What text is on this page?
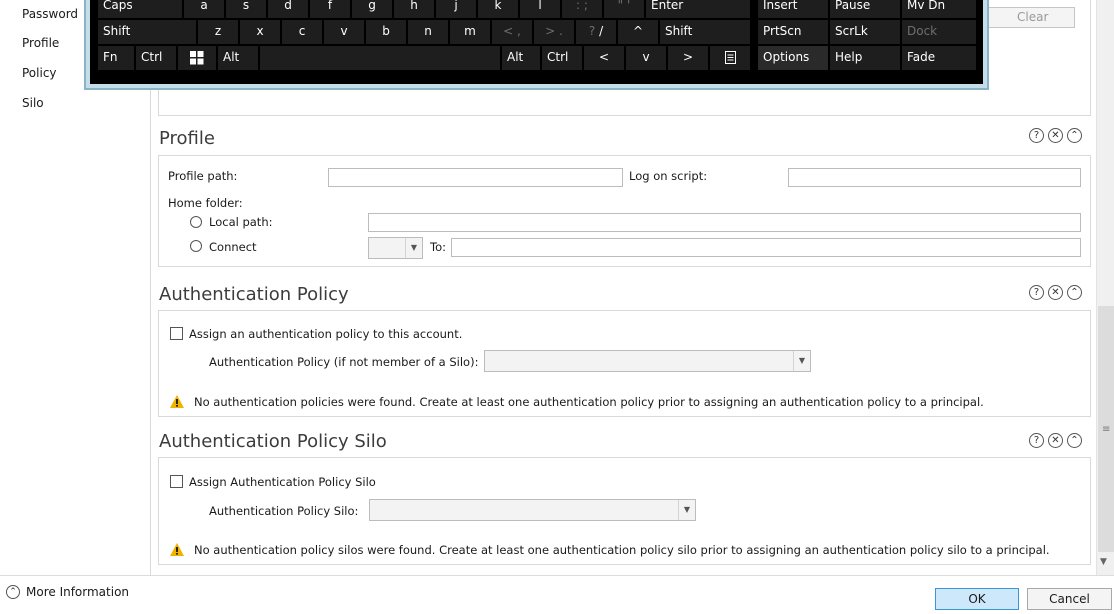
Password
Profile
Policy
Silo
Profile	?	✕	⌃
Profile path:	Log on script:
Home folder:
Local path:
Connect	▼	To:
Authentication Policy	?	✕	⌃
Assign an authentication policy to this account.
Authentication Policy (if not member of a Silo):	▼
No authentication policies were found. Create at least one authentication policy prior to assigning an authentication policy to a principal.
Authentication Policy Silo	?	✕	⌃
Assign Authentication Policy Silo
Authentication Policy Silo:	▼
No authentication policy silos were found. Create at least one authentication policy silo prior to assigning an authentication policy silo to a principal.
Clear
≡
▼
⌃ More Information	OK	Cancel
Caps	a	s	d	f	g	h	j	k	l	: ;	" '	Enter	Insert	Pause	Mv Dn
Shift	z	x	c	v	b	n	m	< ,	> .	? /	^	Shift	PrtScn	ScrLk	Dock
Fn	Ctrl	Alt	Alt	Ctrl	<	v	>	Options	Help	Fade
